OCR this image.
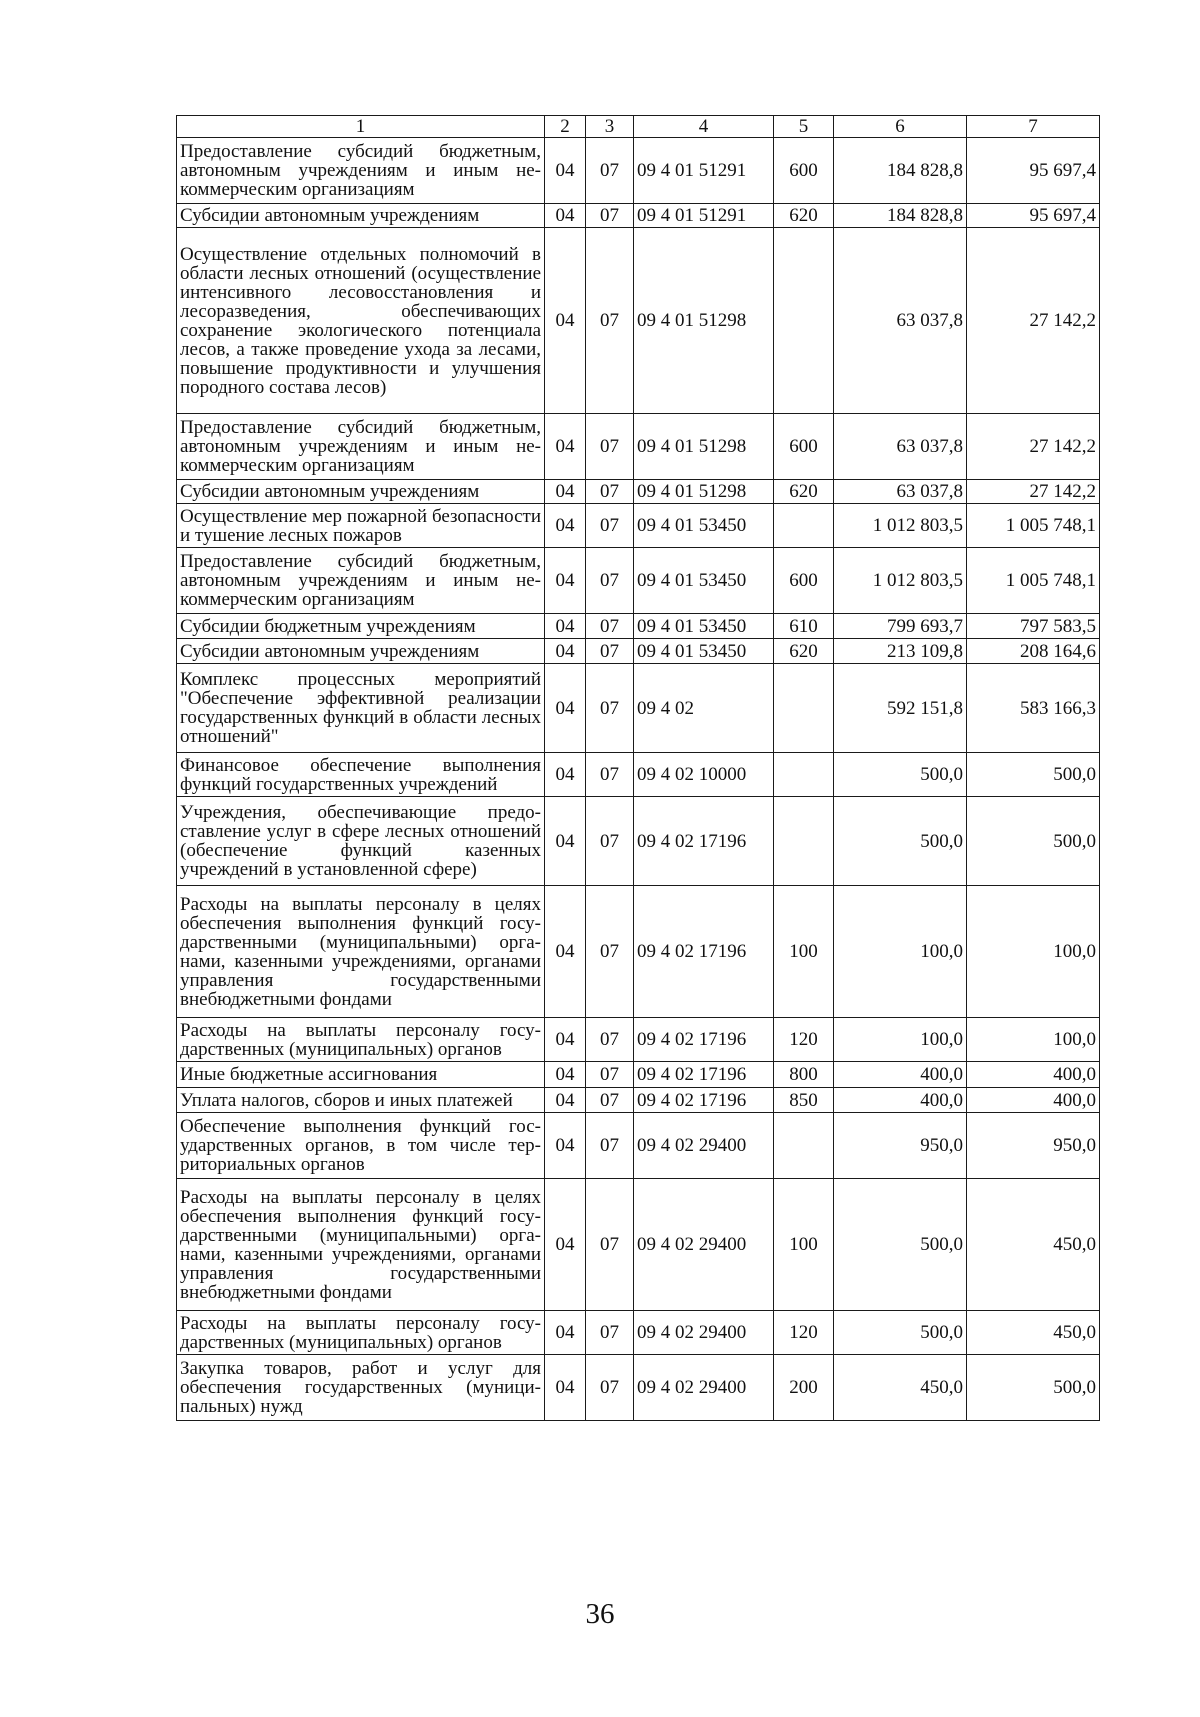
1	2	3	4	5	6	7
Предоставление субсидий бюджетным, автономным учреждениям и иным некоммерческим организациям	04	07	09 4 01 51291	600	184 828,8	95 697,4
Субсидии автономным учреждениям	04	07	09 4 01 51291	620	184 828,8	95 697,4
Осуществление отдельных полномочий в области лесных отношений (осуществление интенсивного лесовосстановления и лесоразведения, обеспечивающих сохранение экологического потенциала лесов, а также проведение ухода за лесами, повышение продуктивности и улучшения породного состава лесов)	04	07	09 4 01 51298		63 037,8	27 142,2
Предоставление субсидий бюджетным, автономным учреждениям и иным некоммерческим организациям	04	07	09 4 01 51298	600	63 037,8	27 142,2
Субсидии автономным учреждениям	04	07	09 4 01 51298	620	63 037,8	27 142,2
Осуществление мер пожарной безопасности и тушение лесных пожаров	04	07	09 4 01 53450		1 012 803,5	1 005 748,1
Предоставление субсидий бюджетным, автономным учреждениям и иным некоммерческим организациям	04	07	09 4 01 53450	600	1 012 803,5	1 005 748,1
Субсидии бюджетным учреждениям	04	07	09 4 01 53450	610	799 693,7	797 583,5
Субсидии автономным учреждениям	04	07	09 4 01 53450	620	213 109,8	208 164,6
Комплекс процессных мероприятий "Обеспечение эффективной реализации государственных функций в области лесных отношений"	04	07	09 4 02		592 151,8	583 166,3
Финансовое обеспечение выполнения функций государственных учреждений	04	07	09 4 02 10000		500,0	500,0
Учреждения, обеспечивающие предоставление услуг в сфере лесных отношений (обеспечение функций казенных учреждений в установленной сфере)	04	07	09 4 02 17196		500,0	500,0
Расходы на выплаты персоналу в целях обеспечения выполнения функций государственными (муниципальными) органами, казенными учреждениями, органами управления государственными внебюджетными фондами	04	07	09 4 02 17196	100	100,0	100,0
Расходы на выплаты персоналу государственных (муниципальных) органов	04	07	09 4 02 17196	120	100,0	100,0
Иные бюджетные ассигнования	04	07	09 4 02 17196	800	400,0	400,0
Уплата налогов, сборов и иных платежей	04	07	09 4 02 17196	850	400,0	400,0
Обеспечение выполнения функций государственных органов, в том числе территориальных органов	04	07	09 4 02 29400		950,0	950,0
Расходы на выплаты персоналу в целях обеспечения выполнения функций государственными (муниципальными) органами, казенными учреждениями, органами управления государственными внебюджетными фондами	04	07	09 4 02 29400	100	500,0	450,0
Расходы на выплаты персоналу государственных (муниципальных) органов	04	07	09 4 02 29400	120	500,0	450,0
Закупка товаров, работ и услуг для обеспечения государственных (муниципальных) нужд	04	07	09 4 02 29400	200	450,0	500,0
36
